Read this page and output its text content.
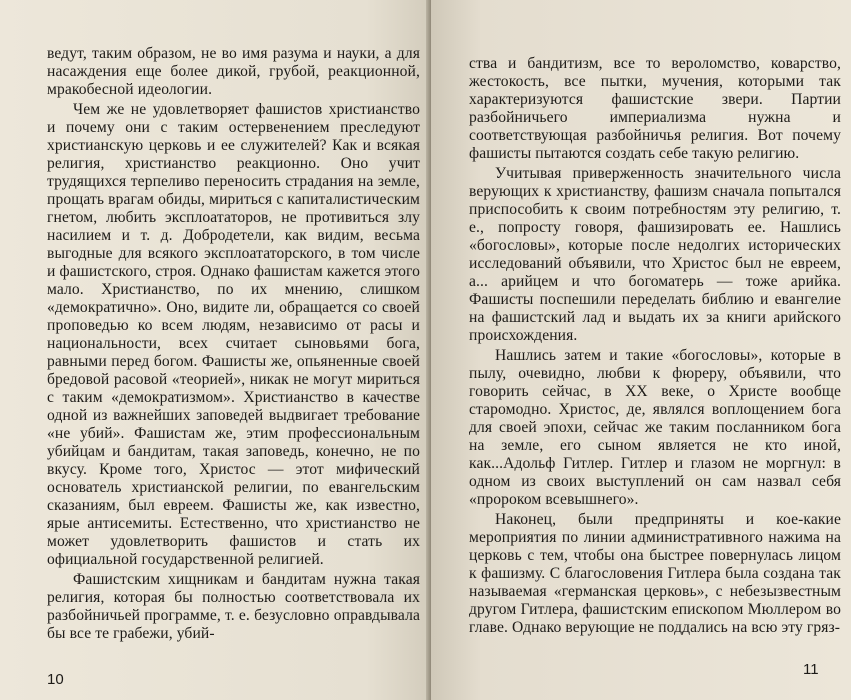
ведут, таким образом, не во имя разума и науки, а для насаждения еще более дикой, грубой, реакционной, мракобесной идеологии.

Чем же не удовлетворяет фашистов христианство и почему они с таким остервенением преследуют христианскую церковь и ее служителей? Как и всякая религия, христианство реакционно. Оно учит трудящихся терпеливо переносить страдания на земле, прощать врагам обиды, мириться с капиталистическим гнетом, любить эксплоататоров, не противиться злу насилием и т. д. Добродетели, как видим, весьма выгодные для всякого эксплоататорского, в том числе и фашистского, строя. Однако фашистам кажется этого мало. Христианство, по их мнению, слишком «демократично». Оно, видите ли, обращается со своей проповедью ко всем людям, независимо от расы и национальности, всех считает сыновьями бога, равными перед богом. Фашисты же, опьяненные своей бредовой расовой «теорией», никак не могут мириться с таким «демократизмом». Христианство в качестве одной из важнейших заповедей выдвигает требование «не убий». Фашистам же, этим профессиональным убийцам и бандитам, такая заповедь, конечно, не по вкусу. Кроме того, Христос — этот мифический основатель христианской религии, по евангельским сказаниям, был евреем. Фашисты же, как известно, ярые антисемиты. Естественно, что христианство не может удовлетворить фашистов и стать их официальной государственной религией.

Фашистским хищникам и бандитам нужна такая религия, которая бы полностью соответствовала их разбойничьей программе, т. е. безусловно оправдывала бы все те грабежи, убий-

10

ства и бандитизм, все то вероломство, коварство, жестокость, все пытки, мучения, которыми так характеризуются фашистские звери. Партии разбойничьего империализма нужна и соответствующая разбойничья религия. Вот почему фашисты пытаются создать себе такую религию.

Учитывая приверженность значительного числа верующих к христианству, фашизм сначала попытался приспособить к своим потребностям эту религию, т. е., попросту говоря, фашизировать ее. Нашлись «богословы», которые после недолгих исторических исследований объявили, что Христос был не евреем, а... арийцем и что богоматерь — тоже арийка. Фашисты поспешили переделать библию и евангелие на фашистский лад и выдать их за книги арийского происхождения.

Нашлись затем и такие «богословы», которые в пылу, очевидно, любви к фюреру, объявили, что говорить сейчас, в XX веке, о Христе вообще старомодно. Христос, де, являлся воплощением бога для своей эпохи, сейчас же таким посланником бога на земле, его сыном является не кто иной, как...Адольф Гитлер. Гитлер и глазом не моргнул: в одном из своих выступлений он сам назвал себя «пророком всевышнего».

Наконец, были предприняты и кое-какие мероприятия по линии административного нажима на церковь с тем, чтобы она быстрее повернулась лицом к фашизму. С благословения Гитлера была создана так называемая «германская церковь», с небезызвестным другом Гитлера, фашистским епископом Мюллером во главе. Однако верующие не поддались на всю эту гряз-

11
